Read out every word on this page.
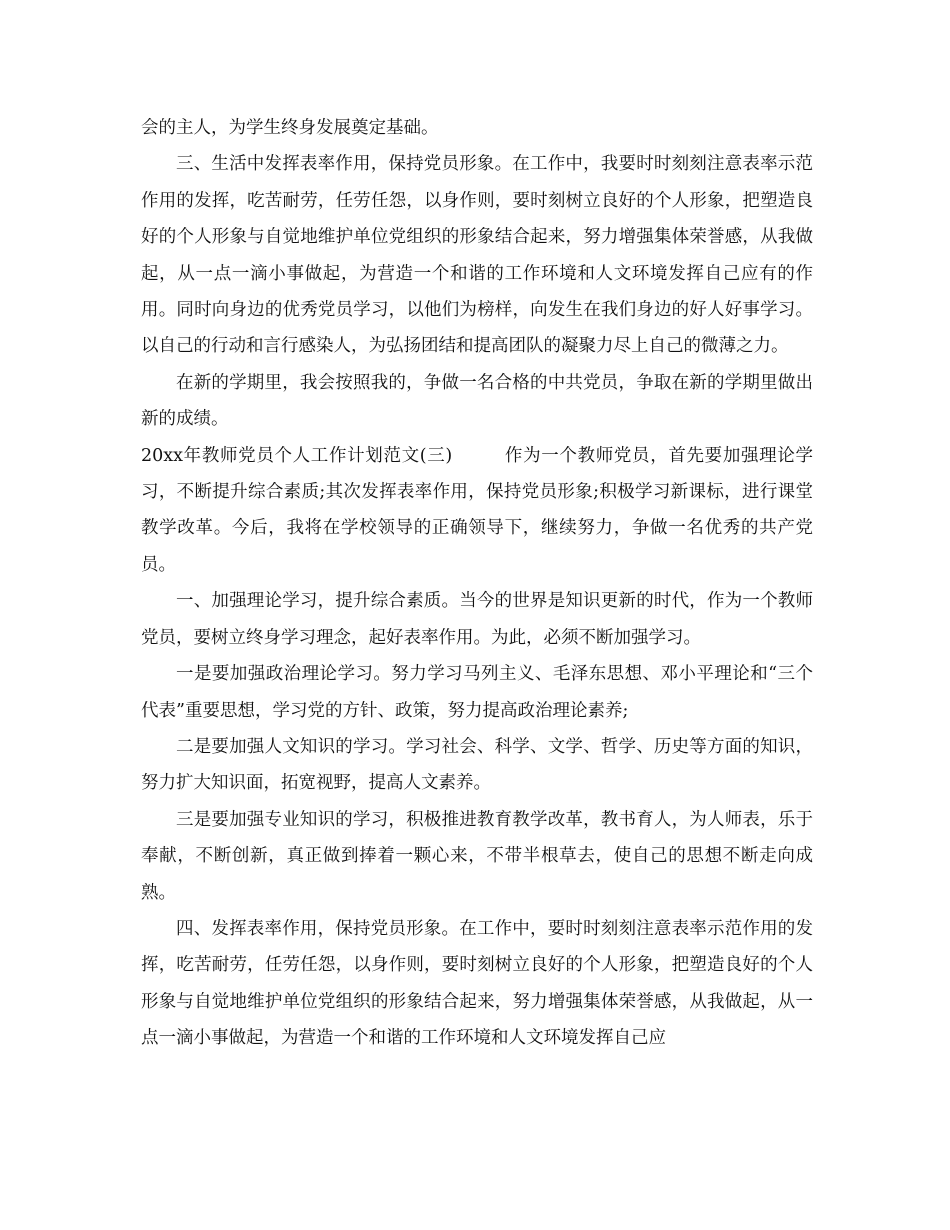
会的主人，为学生终身发展奠定基础。

三、生活中发挥表率作用，保持党员形象。在工作中，我要时时刻刻注意表率示范作用的发挥，吃苦耐劳，任劳任怨，以身作则，要时刻树立良好的个人形象，把塑造良好的个人形象与自觉地维护单位党组织的形象结合起来，努力增强集体荣誉感，从我做起，从一点一滴小事做起，为营造一个和谐的工作环境和人文环境发挥自己应有的作用。同时向身边的优秀党员学习，以他们为榜样，向发生在我们身边的好人好事学习。以自己的行动和言行感染人，为弘扬团结和提高团队的凝聚力尽上自己的微薄之力。

在新的学期里，我会按照我的，争做一名合格的中共党员，争取在新的学期里做出新的成绩。

20xx年教师党员个人工作计划范文(三)	作为一个教师党员，首先要加强理论学习，不断提升综合素质;其次发挥表率作用，保持党员形象;积极学习新课标，进行课堂教学改革。今后，我将在学校领导的正确领导下，继续努力，争做一名优秀的共产党员。

一、加强理论学习，提升综合素质。当今的世界是知识更新的时代，作为一个教师党员，要树立终身学习理念，起好表率作用。为此，必须不断加强学习。

一是要加强政治理论学习。努力学习马列主义、毛泽东思想、邓小平理论和“三个代表”重要思想，学习党的方针、政策，努力提高政治理论素养;

二是要加强人文知识的学习。学习社会、科学、文学、哲学、历史等方面的知识，努力扩大知识面，拓宽视野，提高人文素养。

三是要加强专业知识的学习，积极推进教育教学改革，教书育人，为人师表，乐于奉献，不断创新，真正做到捧着一颗心来，不带半根草去，使自己的思想不断走向成熟。

四、发挥表率作用，保持党员形象。在工作中，要时时刻刻注意表率示范作用的发挥，吃苦耐劳，任劳任怨，以身作则，要时刻树立良好的个人形象，把塑造良好的个人形象与自觉地维护单位党组织的形象结合起来，努力增强集体荣誉感，从我做起，从一点一滴小事做起，为营造一个和谐的工作环境和人文环境发挥自己应
